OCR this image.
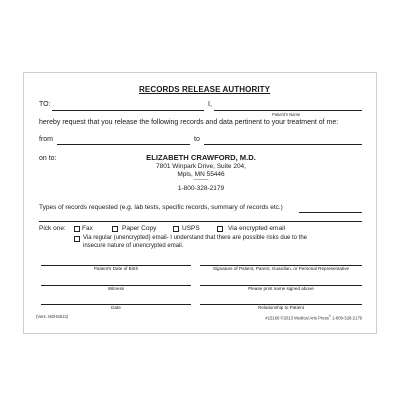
RECORDS RELEASE AUTHORITY
TO:	I,
Patient's Name
hereby request that you release the following records and data pertinent to your treatment of me:
from	to
on to:	ELIZABETH CRAWFORD, M.D.
7801 Winpark Drive, Suite 204,
Mpls, MN 55446
———
1-800-328-2179
Types of records requested (e.g. lab tests, specific records, summary of records etc.)
Pick one:	Fax	Paper Copy	USPS	Via encrypted email
Via regular (unencrypted) email- I understand that there are possible risks due to the
insecure nature of unencrypted email.
Patient's Date of Birth	Signature of Patient, Parent, Guardian, or Personal Representative
Witness	Please print name signed above
Date	Relationship to Patient
(Vers. M2HS513)	#15166 ©2013 Medical Arts Press® 1-800-328-2179
